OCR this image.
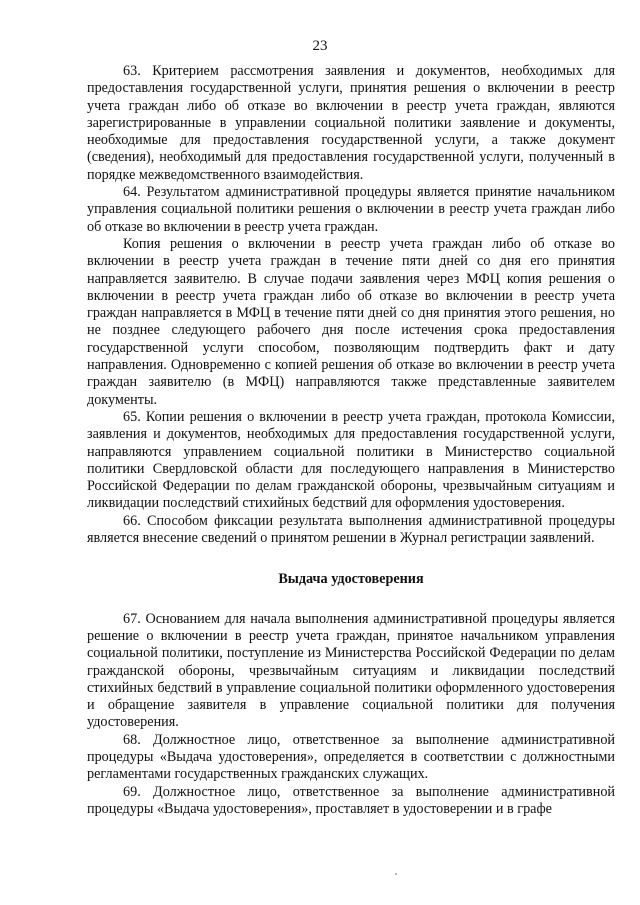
23

63. Критерием рассмотрения заявления и документов, необходимых для предоставления государственной услуги, принятия решения о включении в реестр учета граждан либо об отказе во включении в реестр учета граждан, являются зарегистрированные в управлении социальной политики заявление и документы, необходимые для предоставления государственной услуги, а также документ (сведения), необходимый для предоставления государственной услуги, полученный в порядке межведомственного взаимодействия.

64. Результатом административной процедуры является принятие начальником управления социальной политики решения о включении в реестр учета граждан либо об отказе во включении в реестр учета граждан.

Копия решения о включении в реестр учета граждан либо об отказе во включении в реестр учета граждан в течение пяти дней со дня его принятия направляется заявителю. В случае подачи заявления через МФЦ копия решения о включении в реестр учета граждан либо об отказе во включении в реестр учета граждан направляется в МФЦ в течение пяти дней со дня принятия этого решения, но не позднее следующего рабочего дня после истечения срока предоставления государственной услуги способом, позволяющим подтвердить факт и дату направления. Одновременно с копией решения об отказе во включении в реестр учета граждан заявителю (в МФЦ) направляются также представленные заявителем документы.

65. Копии решения о включении в реестр учета граждан, протокола Комиссии, заявления и документов, необходимых для предоставления государственной услуги, направляются управлением социальной политики в Министерство социальной политики Свердловской области для последующего направления в Министерство Российской Федерации по делам гражданской обороны, чрезвычайным ситуациям и ликвидации последствий стихийных бедствий для оформления удостоверения.

66. Способом фиксации результата выполнения административной процедуры является внесение сведений о принятом решении в Журнал регистрации заявлений.

Выдача удостоверения

67. Основанием для начала выполнения административной процедуры является решение о включении в реестр учета граждан, принятое начальником управления социальной политики, поступление из Министерства Российской Федерации по делам гражданской обороны, чрезвычайным ситуациям и ликвидации последствий стихийных бедствий в управление социальной политики оформленного удостоверения и обращение заявителя в управление социальной политики для получения удостоверения.

68. Должностное лицо, ответственное за выполнение административной процедуры «Выдача удостоверения», определяется в соответствии с должностными регламентами государственных гражданских служащих.

69. Должностное лицо, ответственное за выполнение административной процедуры «Выдача удостоверения», проставляет в удостоверении и в графе
